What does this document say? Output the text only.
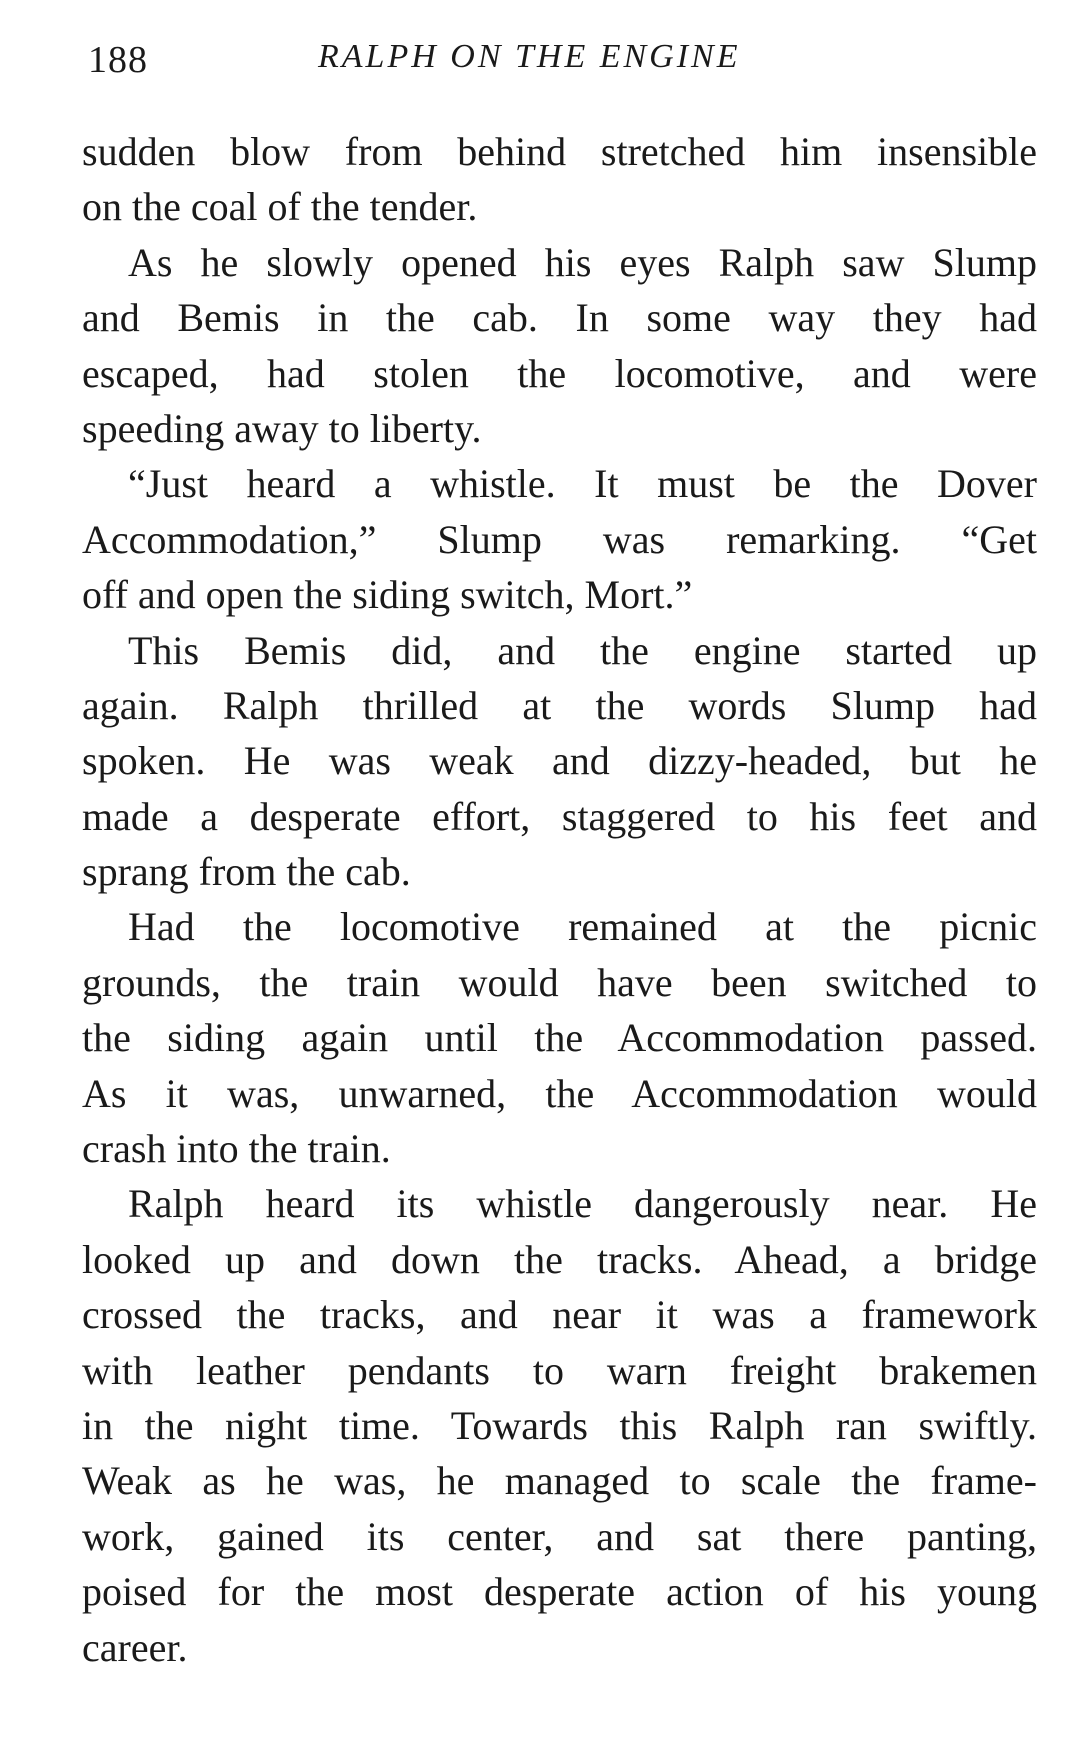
188	RALPH ON THE ENGINE
sudden blow from behind stretched him insensible
on the coal of the tender.
As he slowly opened his eyes Ralph saw Slump
and Bemis in the cab. In some way they had
escaped, had stolen the locomotive, and were
speeding away to liberty.
“Just heard a whistle. It must be the Dover
Accommodation,” Slump was remarking. “Get
off and open the siding switch, Mort.”
This Bemis did, and the engine started up
again. Ralph thrilled at the words Slump had
spoken. He was weak and dizzy-headed, but he
made a desperate effort, staggered to his feet and
sprang from the cab.
Had the locomotive remained at the picnic
grounds, the train would have been switched to
the siding again until the Accommodation passed.
As it was, unwarned, the Accommodation would
crash into the train.
Ralph heard its whistle dangerously near. He
looked up and down the tracks. Ahead, a bridge
crossed the tracks, and near it was a framework
with leather pendants to warn freight brakemen
in the night time. Towards this Ralph ran swiftly.
Weak as he was, he managed to scale the frame-
work, gained its center, and sat there panting,
poised for the most desperate action of his young
career.
